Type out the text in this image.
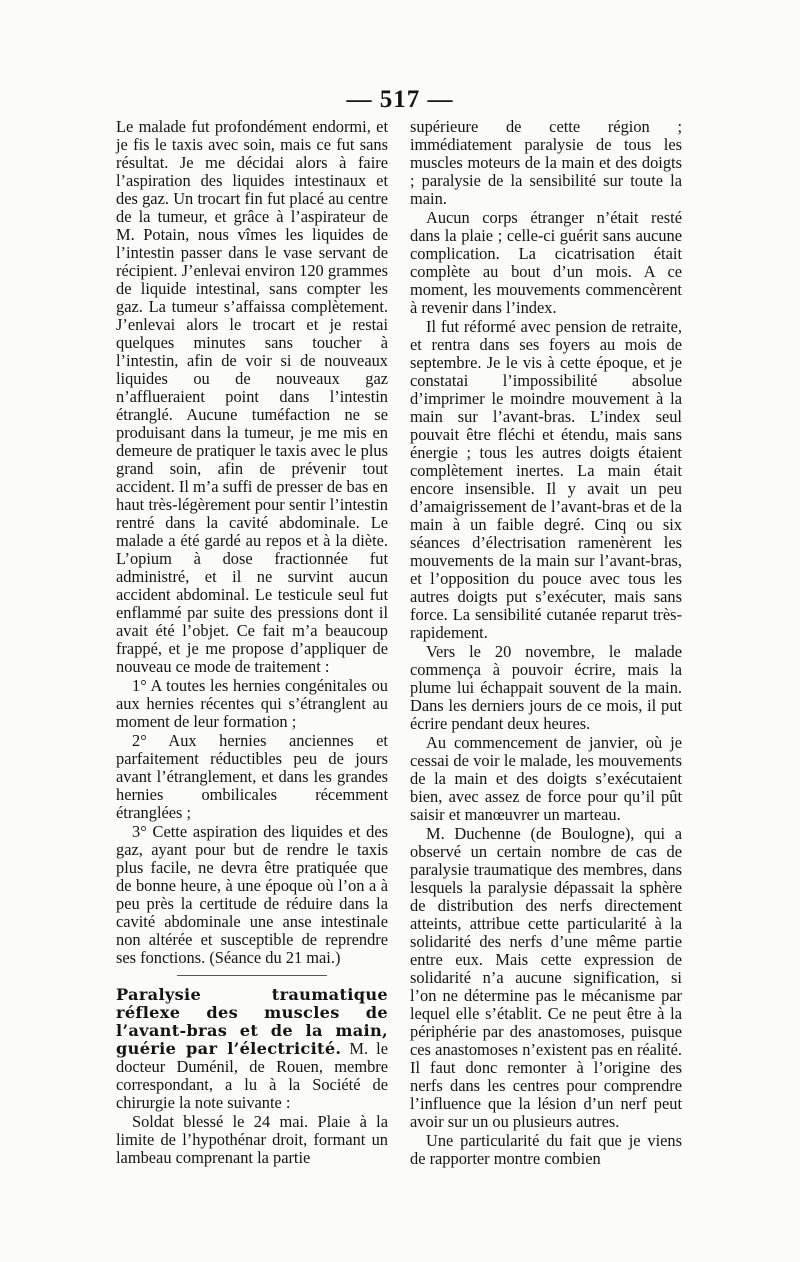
— 517 —

Le malade fut profondément endormi, et je fis le taxis avec soin, mais ce fut sans résultat. Je me décidai alors à faire l’aspiration des liquides intestinaux et des gaz. Un trocart fin fut placé au centre de la tumeur, et grâce à l’aspirateur de M. Potain, nous vîmes les liquides de l’intestin passer dans le vase servant de récipient. J’enlevai environ 120 grammes de liquide intestinal, sans compter les gaz. La tumeur s’affaissa complètement. J’enlevai alors le trocart et je restai quelques minutes sans toucher à l’intestin, afin de voir si de nouveaux liquides ou de nouveaux gaz n’afflueraient point dans l’intestin étranglé. Aucune tuméfaction ne se produisant dans la tumeur, je me mis en demeure de pratiquer le taxis avec le plus grand soin, afin de prévenir tout accident. Il m’a suffi de presser de bas en haut très-légèrement pour sentir l’intestin rentré dans la cavité abdominale. Le malade a été gardé au repos et à la diète. L’opium à dose fractionnée fut administré, et il ne survint aucun accident abdominal. Le testicule seul fut enflammé par suite des pressions dont il avait été l’objet. Ce fait m’a beaucoup frappé, et je me propose d’appliquer de nouveau ce mode de traitement :

1° A toutes les hernies congénitales ou aux hernies récentes qui s’étranglent au moment de leur formation ;

2° Aux hernies anciennes et parfaitement réductibles peu de jours avant l’étranglement, et dans les grandes hernies ombilicales récemment étranglées ;

3° Cette aspiration des liquides et des gaz, ayant pour but de rendre le taxis plus facile, ne devra être pratiquée que de bonne heure, à une époque où l’on a à peu près la certitude de réduire dans la cavité abdominale une anse intestinale non altérée et susceptible de reprendre ses fonctions. (Séance du 21 mai.)

Paralysie traumatique réflexe des muscles de l’avant-bras et de la main, guérie par l’électricité. M. le docteur Duménil, de Rouen, membre correspondant, a lu à la Société de chirurgie la note suivante :

Soldat blessé le 24 mai. Plaie à la limite de l’hypothénar droit, formant un lambeau comprenant la partie

supérieure de cette région ; immédiatement paralysie de tous les muscles moteurs de la main et des doigts ; paralysie de la sensibilité sur toute la main.

Aucun corps étranger n’était resté dans la plaie ; celle-ci guérit sans aucune complication. La cicatrisation était complète au bout d’un mois. A ce moment, les mouvements commencèrent à revenir dans l’index.

Il fut réformé avec pension de retraite, et rentra dans ses foyers au mois de septembre. Je le vis à cette époque, et je constatai l’impossibilité absolue d’imprimer le moindre mouvement à la main sur l’avant-bras. L’index seul pouvait être fléchi et étendu, mais sans énergie ; tous les autres doigts étaient complètement inertes. La main était encore insensible. Il y avait un peu d’amaigrissement de l’avant-bras et de la main à un faible degré. Cinq ou six séances d’électrisation ramenèrent les mouvements de la main sur l’avant-bras, et l’opposition du pouce avec tous les autres doigts put s’exécuter, mais sans force. La sensibilité cutanée reparut très-rapidement.

Vers le 20 novembre, le malade commença à pouvoir écrire, mais la plume lui échappait souvent de la main. Dans les derniers jours de ce mois, il put écrire pendant deux heures.

Au commencement de janvier, où je cessai de voir le malade, les mouvements de la main et des doigts s’exécutaient bien, avec assez de force pour qu’il pût saisir et manœuvrer un marteau.

M. Duchenne (de Boulogne), qui a observé un certain nombre de cas de paralysie traumatique des membres, dans lesquels la paralysie dépassait la sphère de distribution des nerfs directement atteints, attribue cette particularité à la solidarité des nerfs d’une même partie entre eux. Mais cette expression de solidarité n’a aucune signification, si l’on ne détermine pas le mécanisme par lequel elle s’établit. Ce ne peut être à la périphérie par des anastomoses, puisque ces anastomoses n’existent pas en réalité. Il faut donc remonter à l’origine des nerfs dans les centres pour comprendre l’influence que la lésion d’un nerf peut avoir sur un ou plusieurs autres.

Une particularité du fait que je viens de rapporter montre combien
